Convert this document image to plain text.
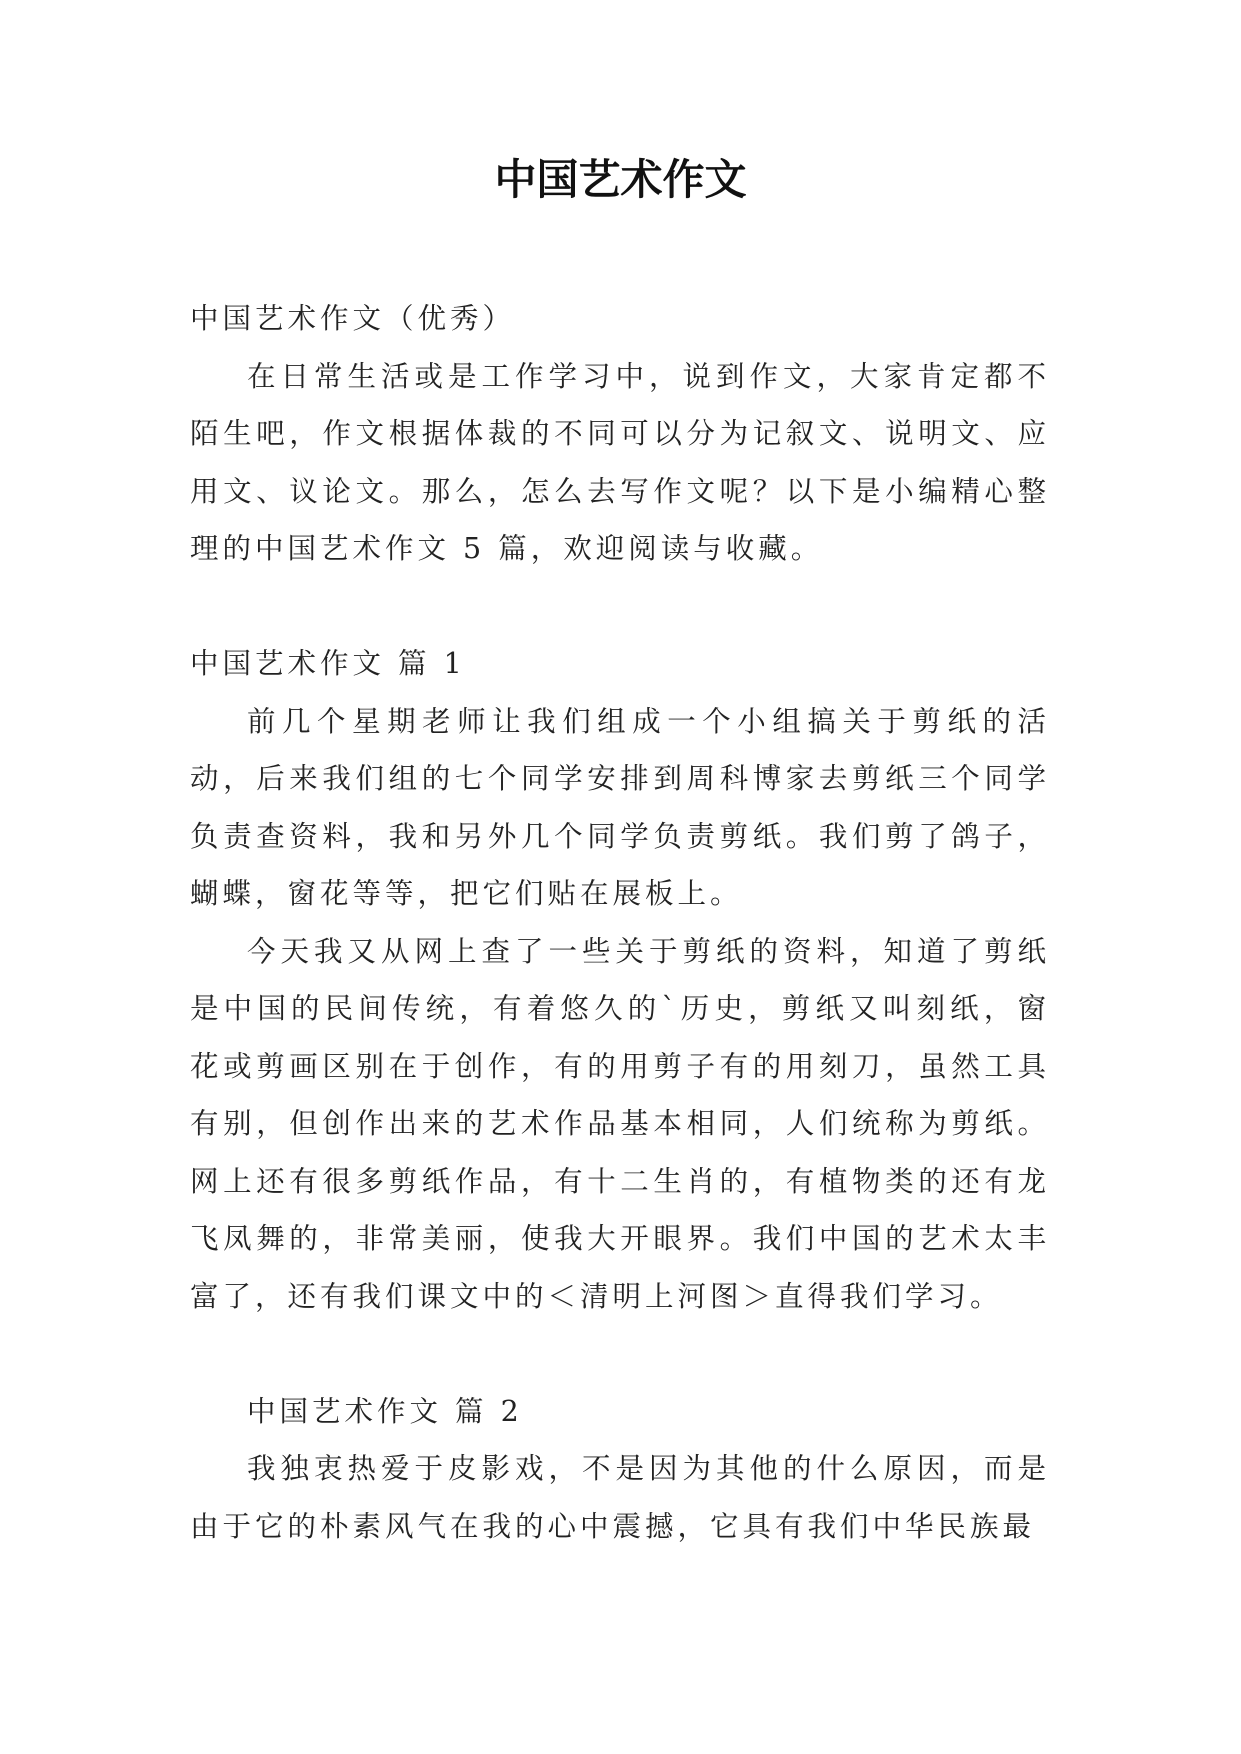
中国艺术作文

中国艺术作文（优秀）

在日常生活或是工作学习中，说到作文，大家肯定都不陌生吧，作文根据体裁的不同可以分为记叙文、说明文、应用文、议论文。那么，怎么去写作文呢？以下是小编精心整理的中国艺术作文 5 篇，欢迎阅读与收藏。

中国艺术作文 篇 1

前几个星期老师让我们组成一个小组搞关于剪纸的活动，后来我们组的七个同学安排到周科博家去剪纸三个同学负责查资料，我和另外几个同学负责剪纸。我们剪了鸽子，蝴蝶，窗花等等，把它们贴在展板上。

今天我又从网上查了一些关于剪纸的资料，知道了剪纸是中国的民间传统，有着悠久的`历史，剪纸又叫刻纸，窗花或剪画区别在于创作，有的用剪子有的用刻刀，虽然工具有别，但创作出来的艺术作品基本相同，人们统称为剪纸。网上还有很多剪纸作品，有十二生肖的，有植物类的还有龙飞凤舞的，非常美丽，使我大开眼界。我们中国的艺术太丰富了，还有我们课文中的＜清明上河图＞直得我们学习。

中国艺术作文 篇 2

我独衷热爱于皮影戏，不是因为其他的什么原因，而是由于它的朴素风气在我的心中震撼，它具有我们中华民族最
